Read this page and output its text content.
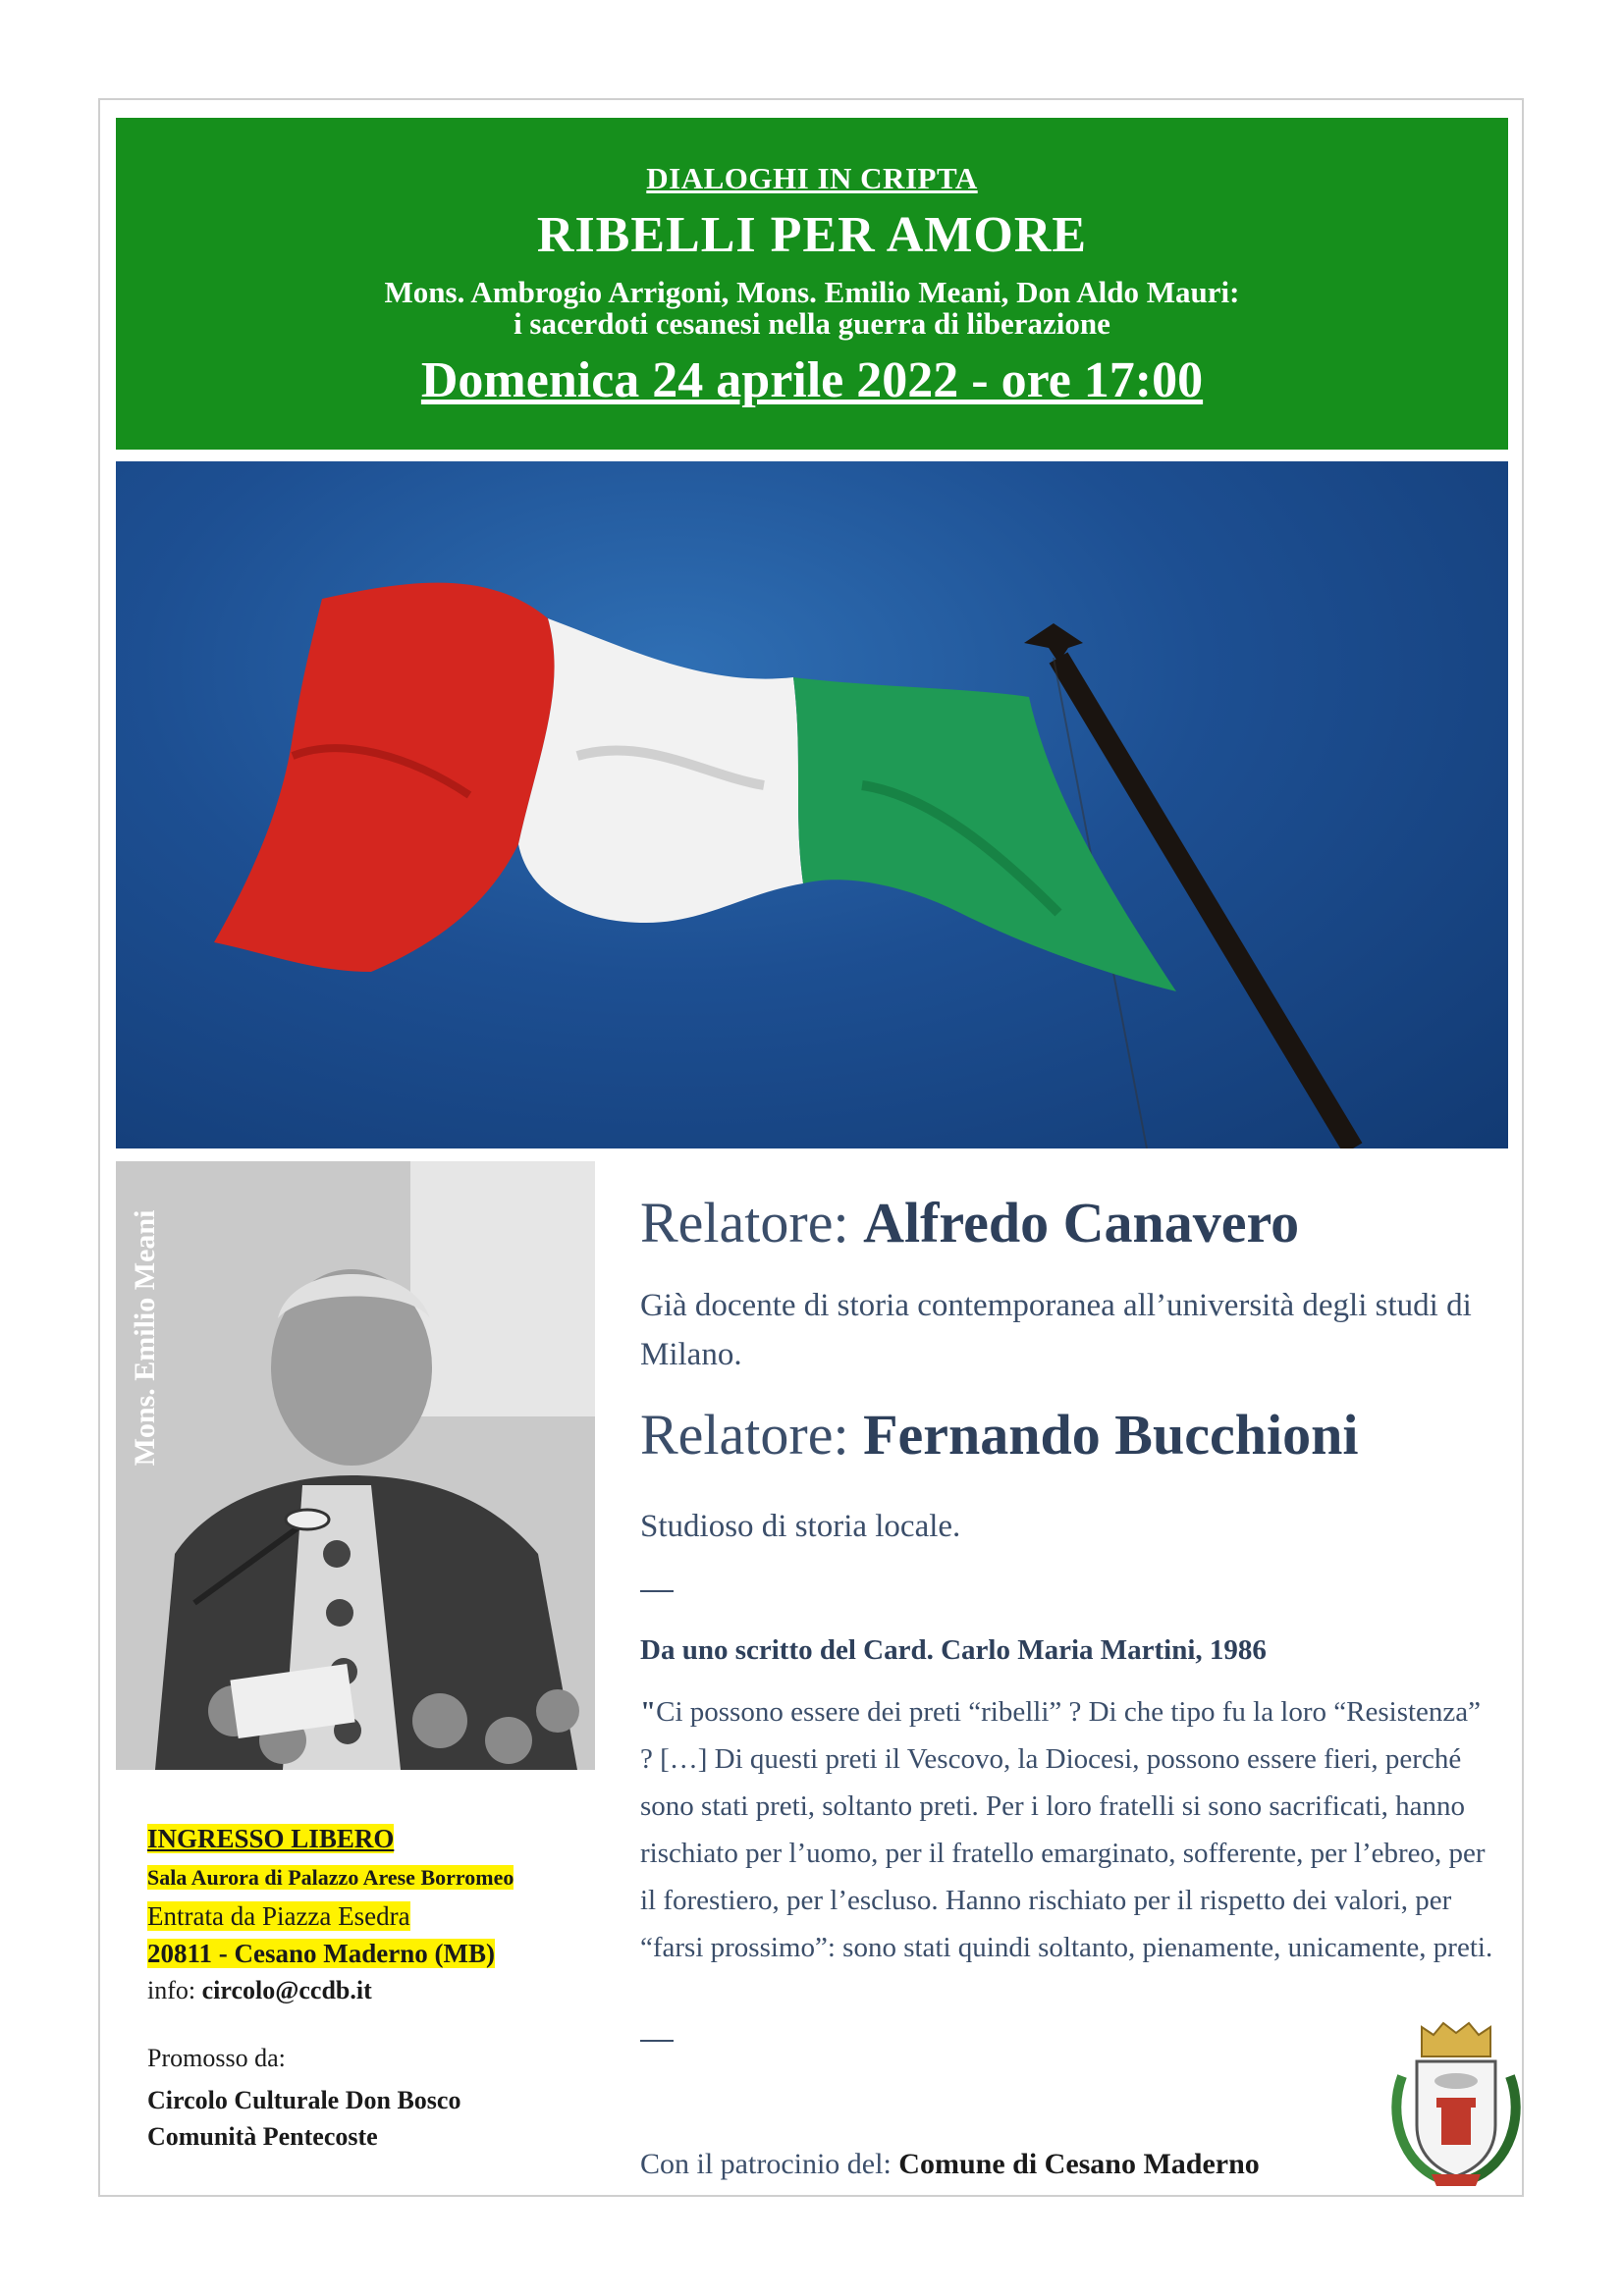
DIALOGHI IN CRIPTA
RIBELLI PER AMORE
Mons. Ambrogio Arrigoni, Mons. Emilio Meani, Don Aldo Mauri:
i sacerdoti cesanesi nella guerra di liberazione
Domenica 24 aprile 2022 - ore 17:00
Mons. Emilio Meani	Relatore: Alfredo Canavero
Già docente di storia contemporanea all’università degli studi di Milano.
Relatore: Fernando Bucchioni
Studioso di storia locale.
Da uno scritto del Card. Carlo Maria Martini, 1986
"Ci possono essere dei preti “ribelli” ? Di che tipo fu la loro “Resistenza” ? […] Di questi preti il Vescovo, la Diocesi, possono essere fieri, perché sono stati preti, soltanto preti. Per i loro fratelli si sono sacrificati, hanno rischiato per l’uomo, per il fratello emarginato, sofferente, per l’ebreo, per il forestiero, per l’escluso. Hanno rischiato per il rispetto dei valori, per “farsi prossimo”: sono stati quindi soltanto, pienamente, unicamente, preti.
INGRESSO LIBERO
Sala Aurora di Palazzo Arese Borromeo
Entrata da Piazza Esedra
20811 - Cesano Maderno (MB)
info: circolo@ccdb.it
Promosso da:
Circolo Culturale Don Bosco
Comunità Pentecoste
Con il patrocinio del: Comune di Cesano Maderno
